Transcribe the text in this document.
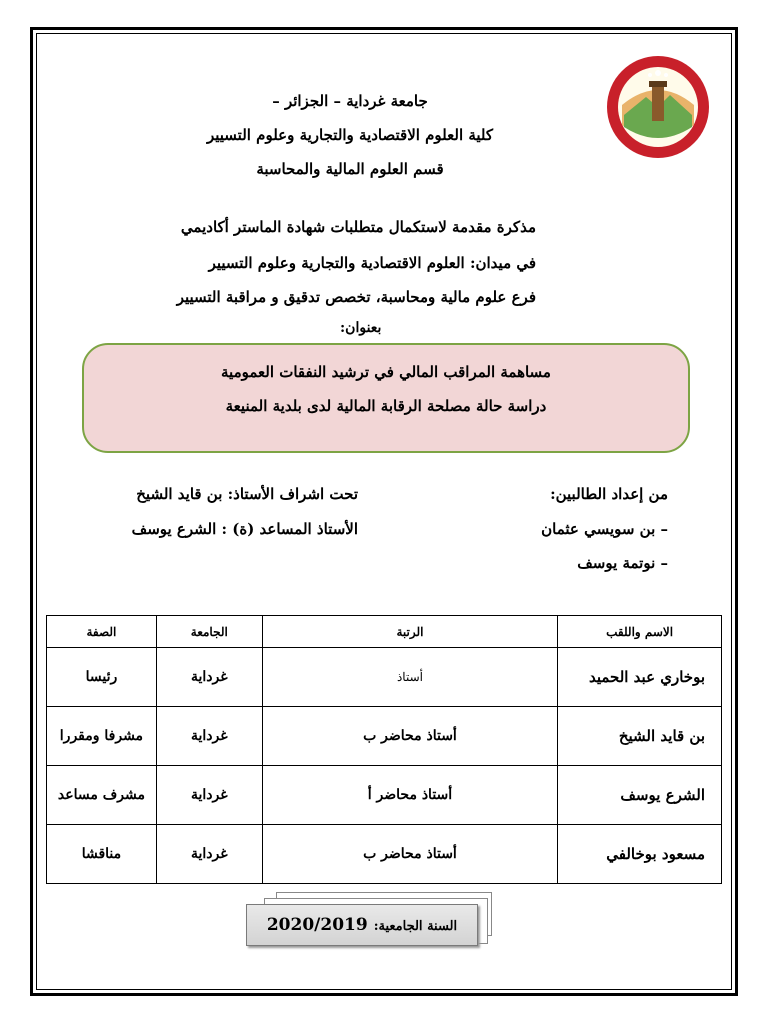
جامعة غرداية – الجزائر –
كلية العلوم الاقتصادية والتجارية وعلوم التسيير
قسم العلوم المالية والمحاسبة
مذكرة مقدمة لاستكمال متطلبات شهادة الماستر أكاديمي
في ميدان: العلوم الاقتصادية والتجارية وعلوم التسيير
فرع علوم مالية ومحاسبة، تخصص تدقيق و مراقبة التسيير
بعنوان:
مساهمة المراقب المالي في ترشيد النفقات العمومية
دراسة حالة مصلحة الرقابة المالية لدى بلدية المنيعة
من إعداد الطالبين:
– بن سويسي عثمان
– نوتمة يوسف
تحت اشراف الأستاذ: بن قايد الشيخ
الأستاذ المساعد (ة) : الشرع يوسف
الاسم واللقب	الرتبة	الجامعة	الصفة
بوخاري عبد الحميد	أستاذ	غرداية	رئيسا
بن قايد الشيخ	أستاذ محاضر ب	غرداية	مشرفا ومقررا
الشرع يوسف	أستاذ محاضر أ	غرداية	مشرف مساعد
مسعود بوخالفي	أستاذ محاضر ب	غرداية	مناقشا
السنة الجامعية:2020/2019
